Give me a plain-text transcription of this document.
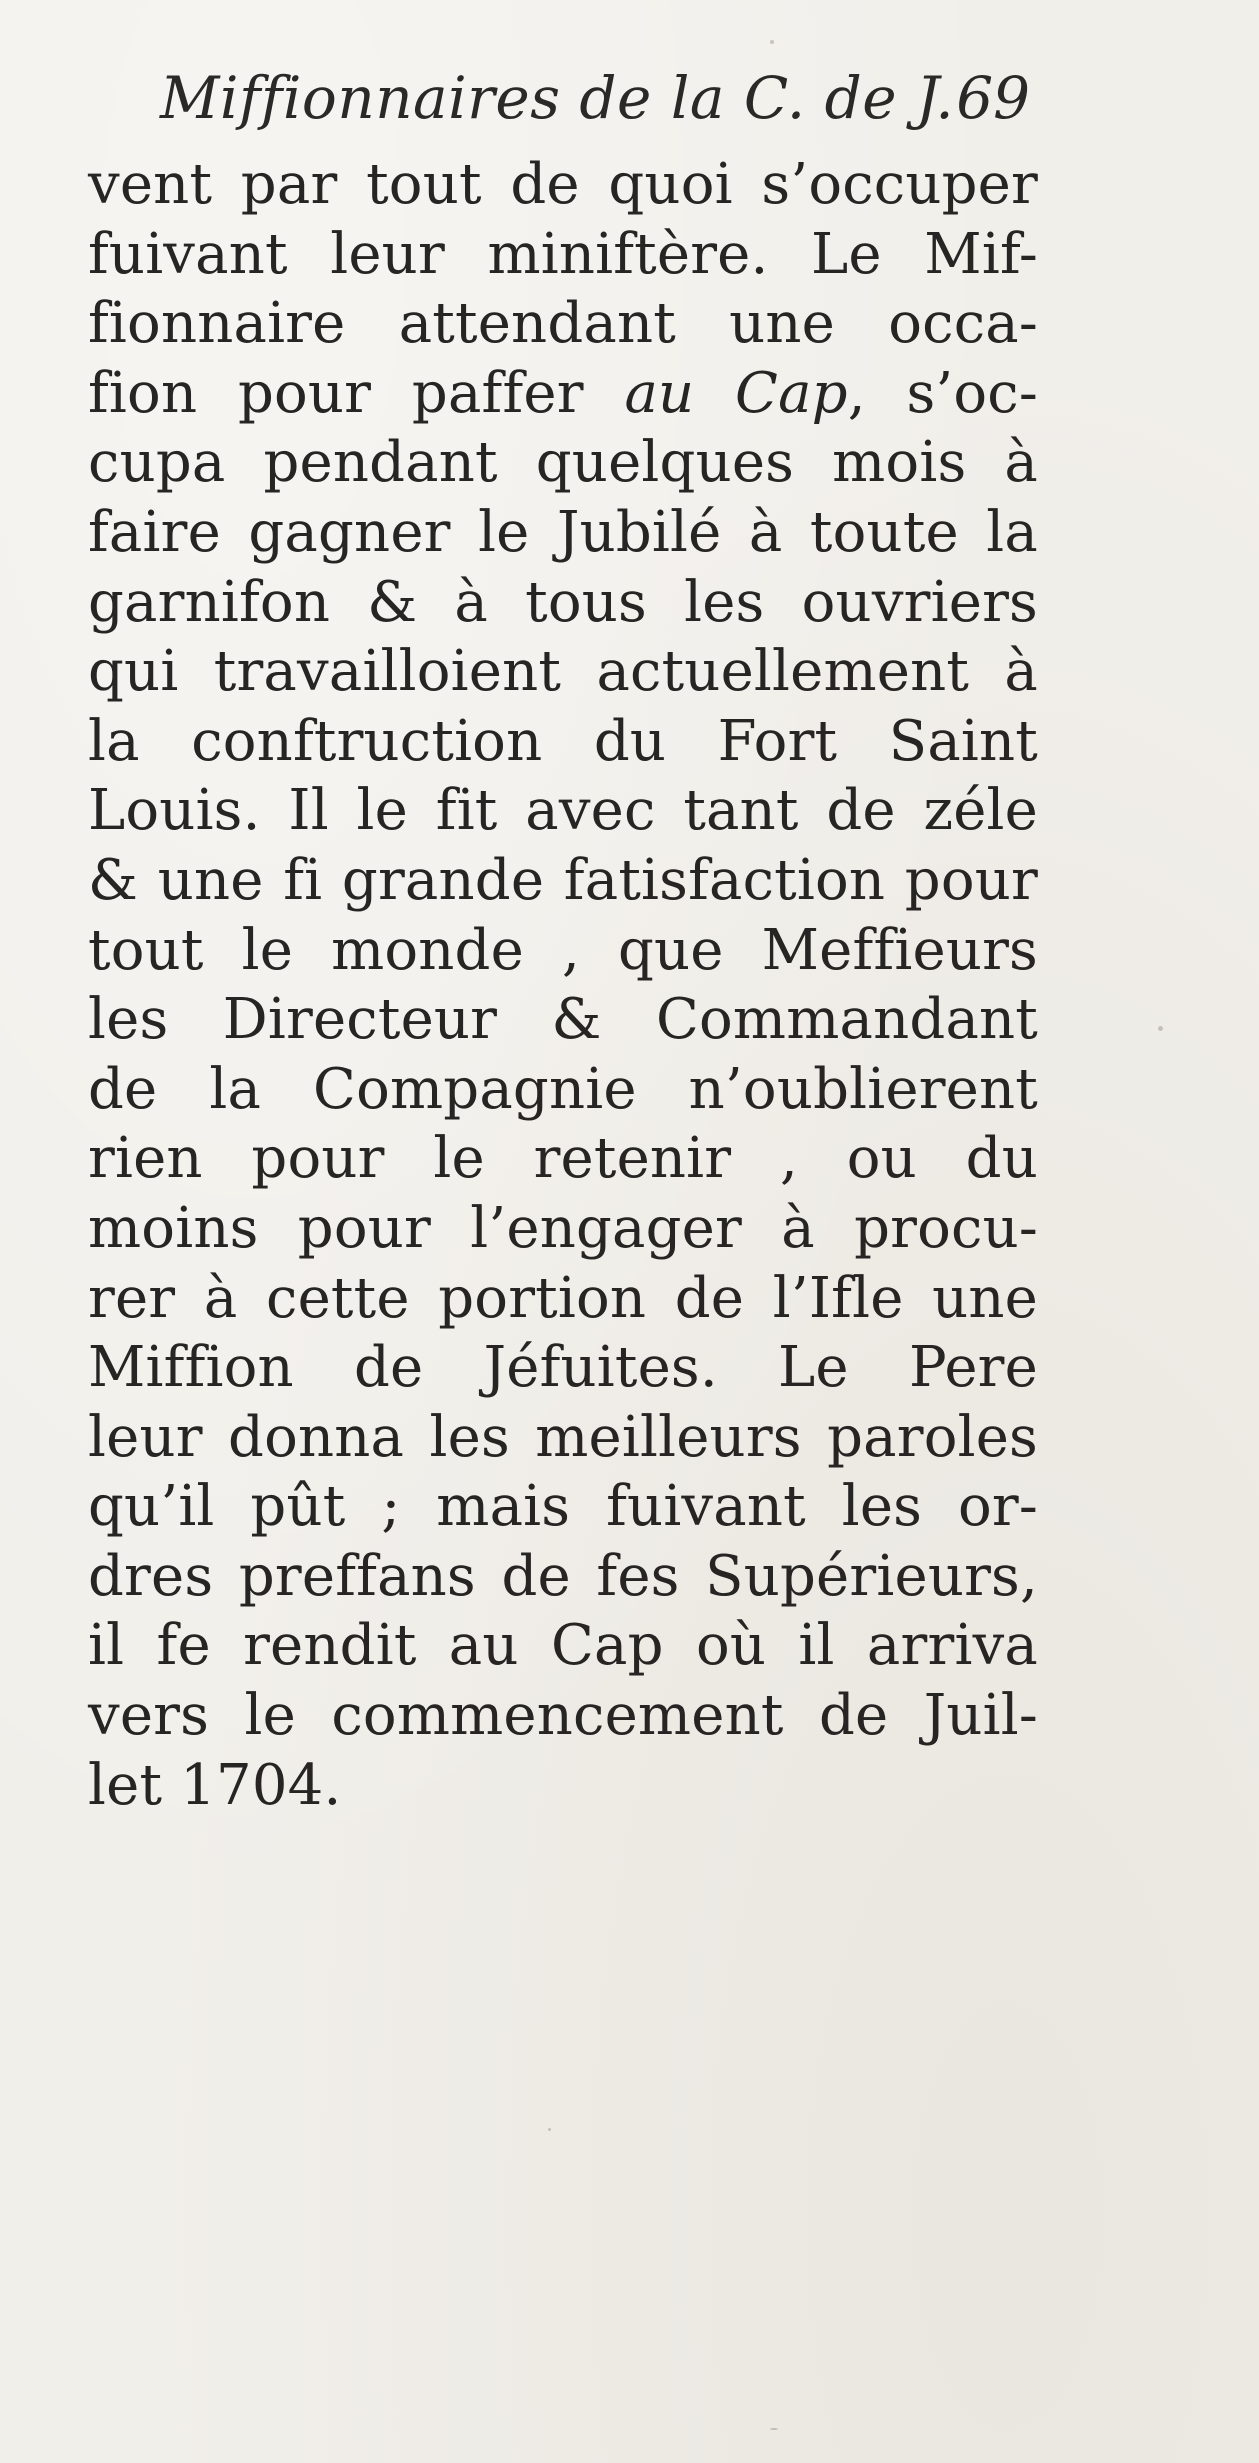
Miffionnaires de la C. de J. 69
vent par tout de quoi s’occuper
fuivant leur miniftère. Le Mif-
fionnaire attendant une occa-
fion pour paffer au Cap, s’oc-
cupa pendant quelques mois à
faire gagner le Jubilé à toute la
garnifon & à tous les ouvriers
qui travailloient actuellement à
la conftruction du Fort Saint
Louis. Il le fit avec tant de zéle
& une fi grande fatisfaction pour
tout le monde , que Meffieurs
les Directeur & Commandant
de la Compagnie n’oublierent
rien pour le retenir , ou du
moins pour l’engager à procu-
rer à cette portion de l’Ifle une
Miffion de Jéfuites. Le Pere
leur donna les meilleurs paroles
qu’il pût ; mais fuivant les or-
dres preffans de fes Supérieurs,
il fe rendit au Cap où il arriva
vers le commencement de Juil-
let 1704.
